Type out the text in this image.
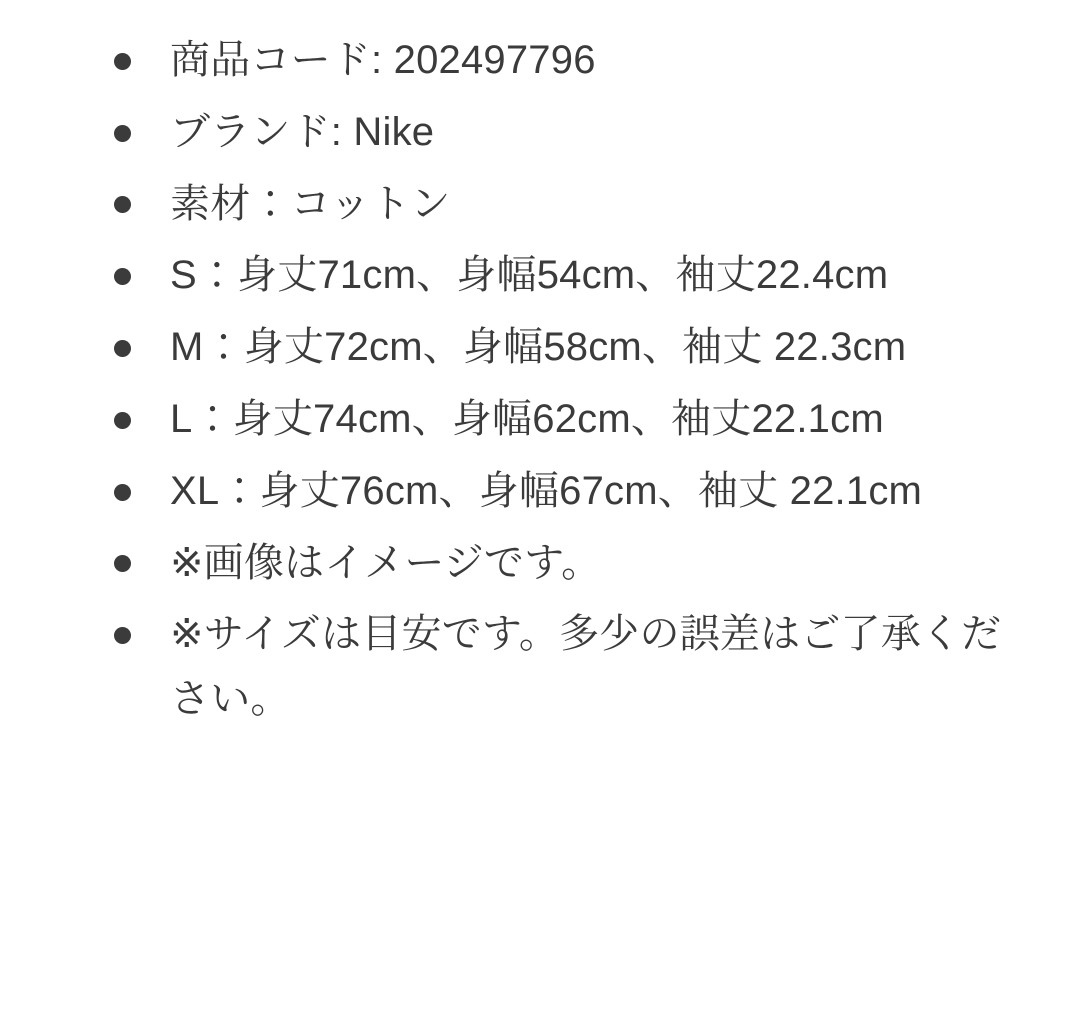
商品コード: 202497796
ブランド: Nike
素材：コットン
S：身丈71cm、身幅54cm、袖丈22.4cm
M：身丈72cm、身幅58cm、袖丈 22.3cm
L：身丈74cm、身幅62cm、袖丈22.1cm
XL：身丈76cm、身幅67cm、袖丈 22.1cm
※画像はイメージです。
※サイズは目安です。多少の誤差はご了承ください。
